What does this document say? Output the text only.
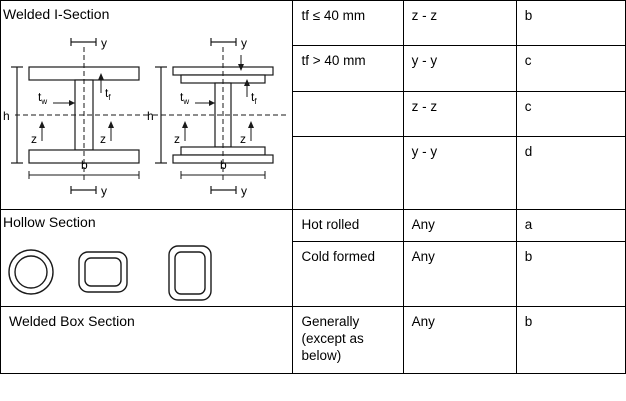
Welded I-Section
y
y
y
y
h	h
b	b
z	z	z	z
$t_w$	$t_w$
$t_f$	$t_f$
	tf ≤ 40 mm	z - z	b
	tf > 40 mm	y - y	c
		z - z	c
		y - y	d

Hollow Section	Hot rolled	Any	a
	Cold formed	Any	b

Welded Box Section	Generally
(except as
below)	Any	b
